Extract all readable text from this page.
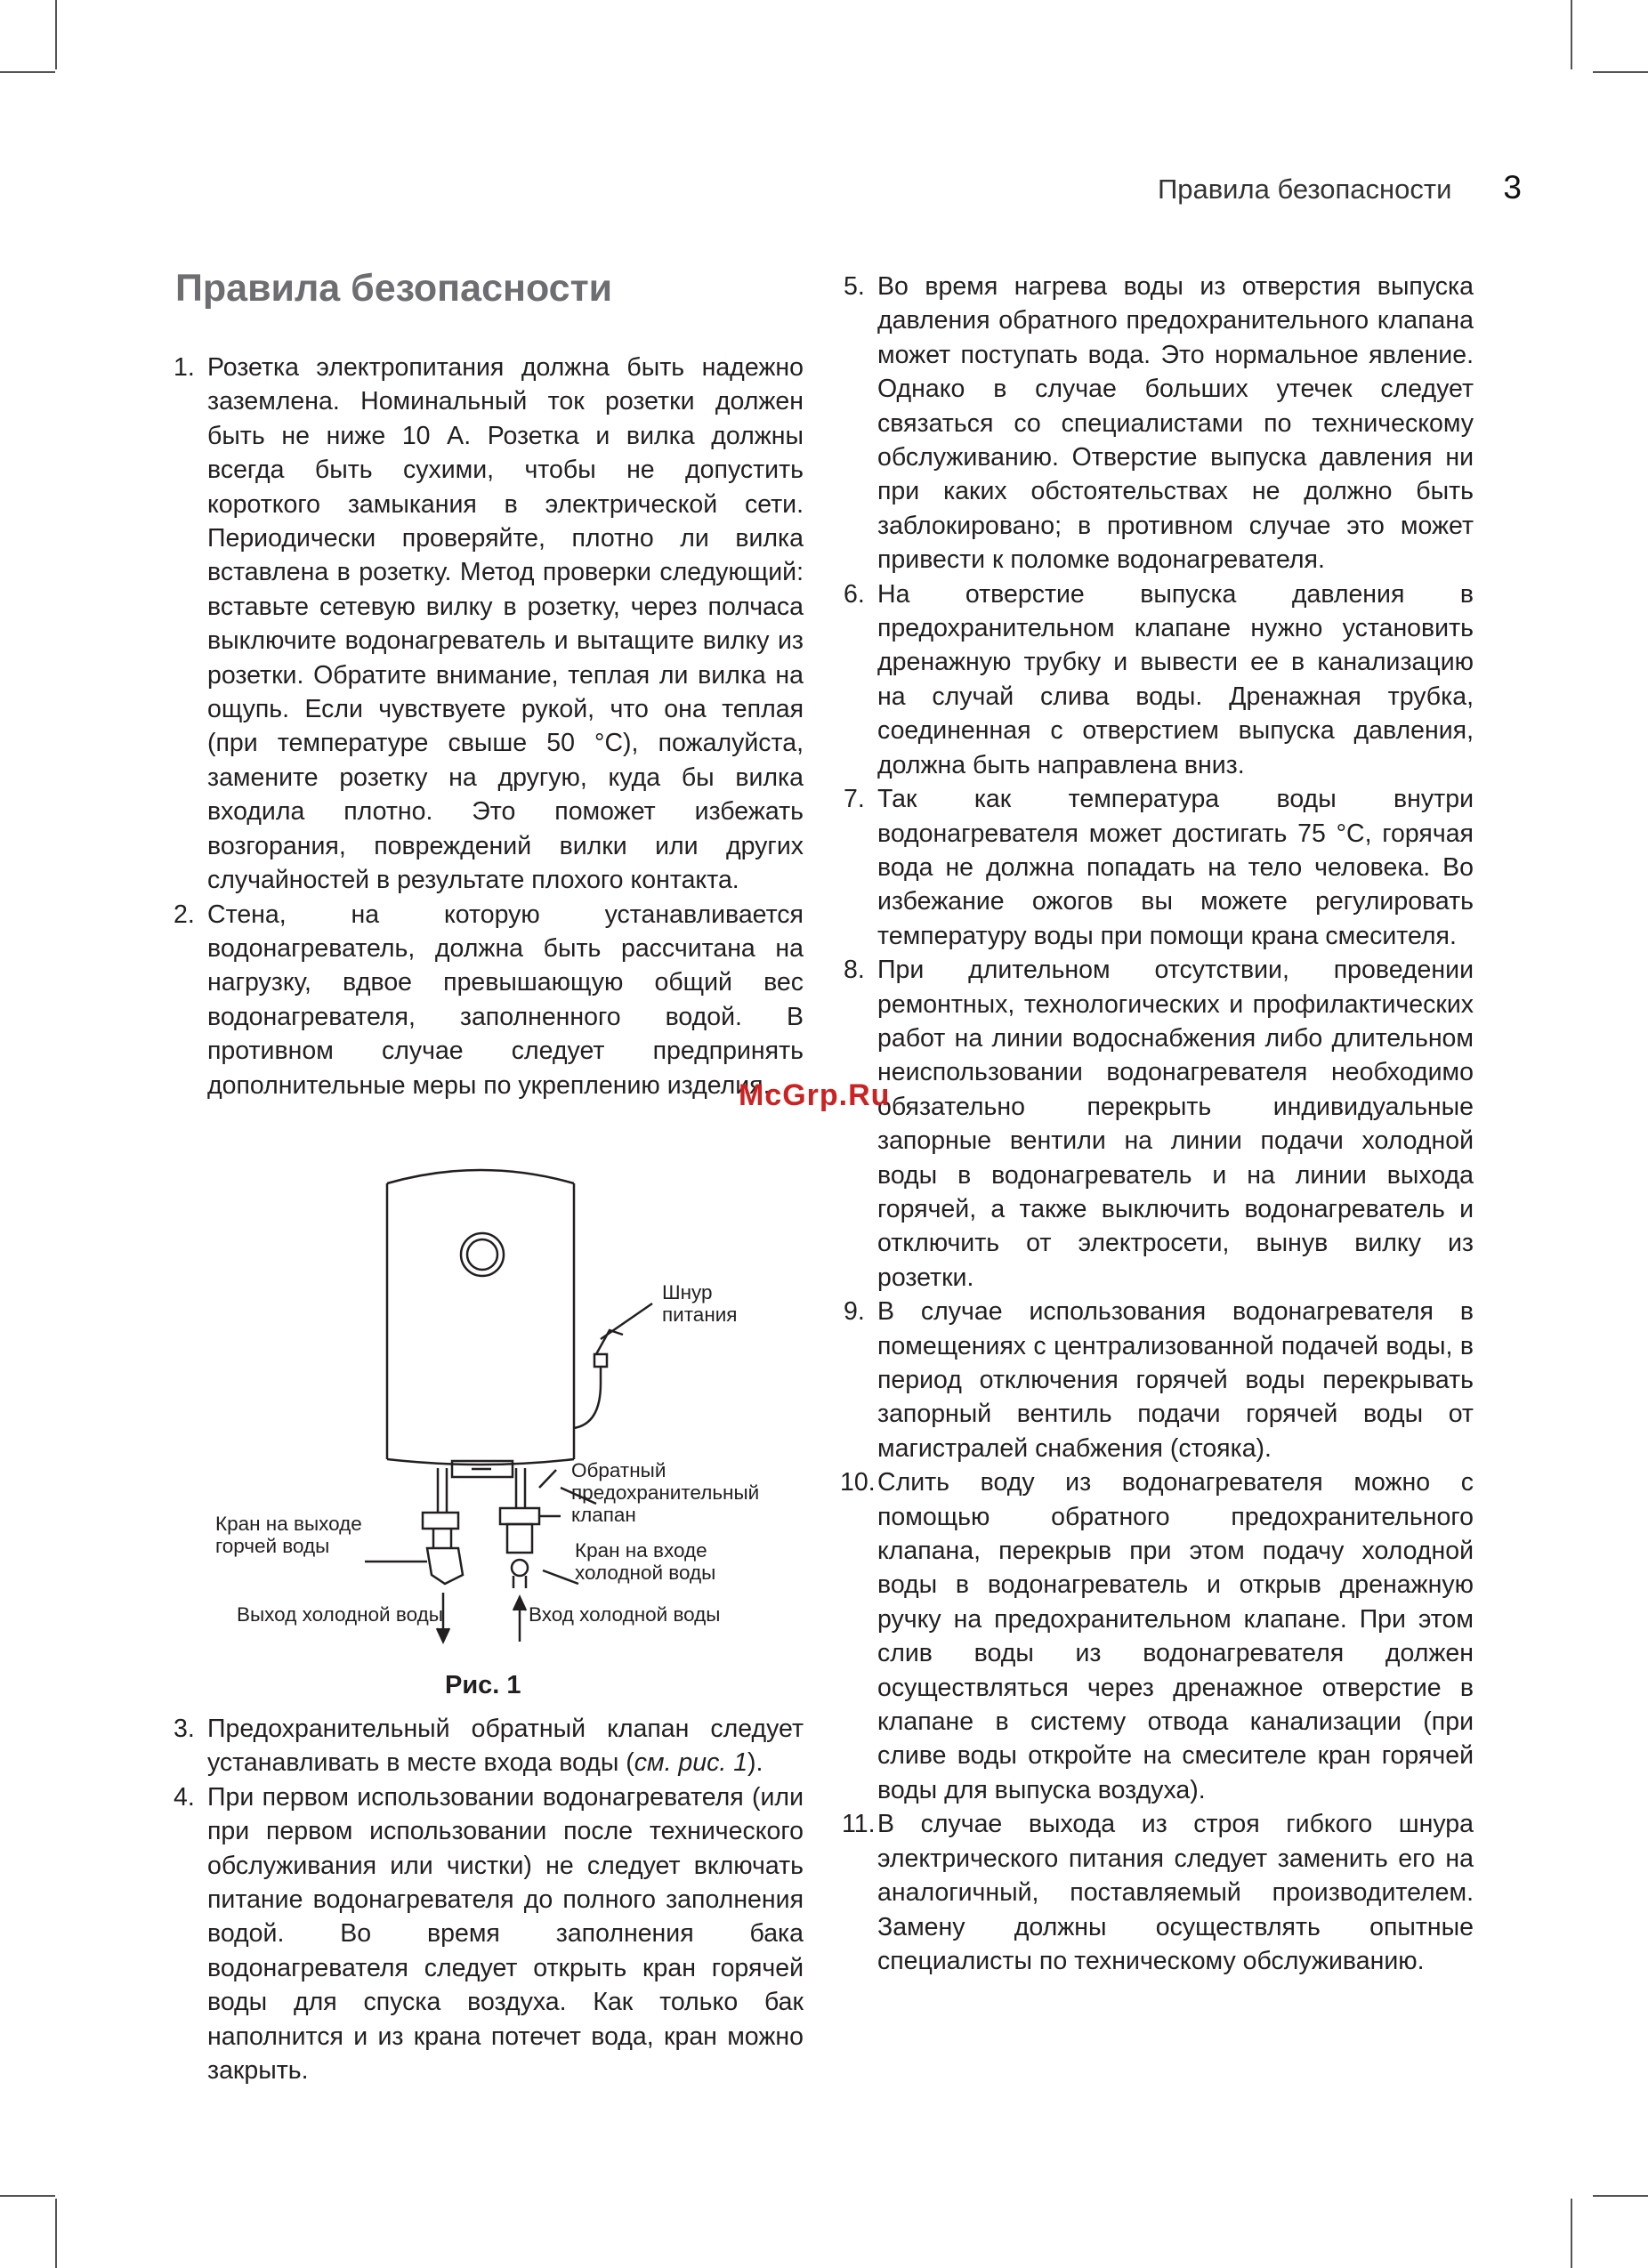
Правила безопасности 3
Правила безопасности

1. Розетка электропитания должна быть надежно заземлена. Номинальный ток розетки должен быть не ниже 10 А. Розетка и вилка должны всегда быть сухими, чтобы не допустить короткого замыкания в электрической сети. Периодически проверяйте, плотно ли вилка вставлена в розетку. Метод проверки следующий: вставьте сетевую вилку в розетку, через полчаса выключите водонагреватель и вытащите вилку из розетки. Обратите внимание, теплая ли вилка на ощупь. Если чувствуете рукой, что она теплая (при температуре свыше 50 °С), пожалуйста, замените розетку на другую, куда бы вилка входила плотно. Это поможет избежать возгорания, повреждений вилки или других случайностей в результате плохого контакта.

2. Стена, на которую устанавливается водонагреватель, должна быть рассчитана на нагрузку, вдвое превышающую общий вес водонагревателя, заполненного водой. В противном случае следует предпринять дополнительные меры по укреплению изделия.

Шнур
питания
Обратный
предохранительный
клапан
Кран на выходе
горчей воды	Кран на входе
холодной воды
Выход холодной воды	Вход холодной воды
Рис. 1

3. Предохранительный обратный клапан следует устанавливать в месте входа воды (см. рис. 1).

4. При первом использовании водонагревателя (или при первом использовании после технического обслуживания или чистки) не следует включать питание водонагревателя до полного заполнения водой. Во время заполнения бака водонагревателя следует открыть кран горячей воды для спуска воздуха. Как только бак наполнится и из крана потечет вода, кран можно закрыть.

5. Во время нагрева воды из отверстия выпуска давления обратного предохранительного клапана может поступать вода. Это нормальное явление. Однако в случае больших утечек следует связаться со специалистами по техническому обслуживанию. Отверстие выпуска давления ни при каких обстоятельствах не должно быть заблокировано; в противном случае это может привести к поломке водонагревателя.

6. На отверстие выпуска давления в предохранительном клапане нужно установить дренажную трубку и вывести ее в канализацию на случай слива воды. Дренажная трубка, соединенная с отверстием выпуска давления, должна быть направлена вниз.

7. Так как температура воды внутри водонагревателя может достигать 75 °С, горячая вода не должна попадать на тело человека. Во избежание ожогов вы можете регулировать температуру воды при помощи крана смесителя.

8. При длительном отсутствии, проведении ремонтных, технологических и профилактических работ на линии водоснабжения либо длительном неиспользовании водонагревателя необходимо обязательно перекрыть индивидуальные запорные вентили на линии подачи холодной воды в водонагреватель и на линии выхода горячей, а также выключить водонагреватель и отключить от электросети, вынув вилку из розетки.

9. В случае использования водонагревателя в помещениях с централизованной подачей воды, в период отключения горячей воды перекрывать запорный вентиль подачи горячей воды от магистралей снабжения (стояка).

10. Слить воду из водонагревателя можно с помощью обратного предохранительного клапана, перекрыв при этом подачу холодной воды в водонагреватель и открыв дренажную ручку на предохранительном клапане. При этом слив воды из водонагревателя должен осуществляться через дренажное отверстие в клапане в систему отвода канализации (при сливе воды откройте на смесителе кран горячей воды для выпуска воздуха).

11. В случае выхода из строя гибкого шнура электрического питания следует заменить его на аналогичный, поставляемый производителем. Замену должны осуществлять опытные специалисты по техническому обслуживанию.

McGrp.Ru
